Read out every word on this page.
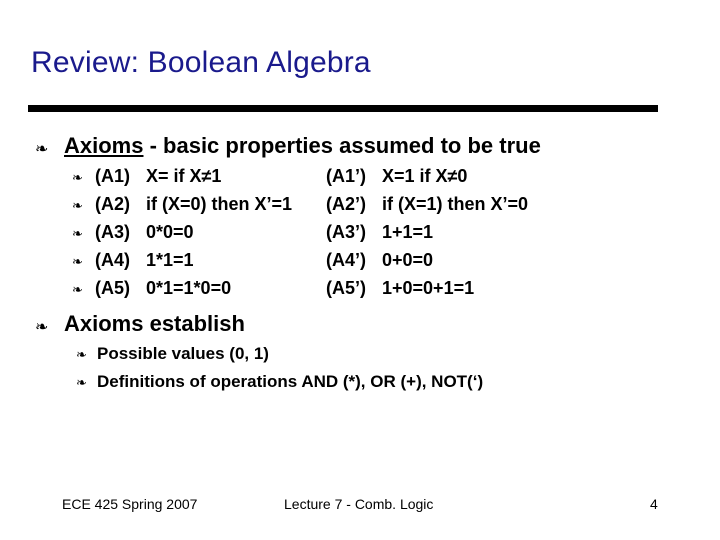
Review: Boolean Algebra
❧ Axioms - basic properties assumed to be true
❧ (A1) X= if X≠1	(A1’) X=1 if X≠0
❧ (A2) if (X=0) then X’=1 (A2’) if (X=1) then X’=0
❧ (A3) 0*0=0	(A3’) 1+1=1
❧ (A4) 1*1=1	(A4’) 0+0=0
❧ (A5) 0*1=1*0=0	(A5’) 1+0=0+1=1
❧ Axioms establish
❧ Possible values (0, 1)
❧ Definitions of operations AND (*), OR (+), NOT(‘)
ECE 425 Spring 2007	Lecture 7 - Comb. Logic	4
